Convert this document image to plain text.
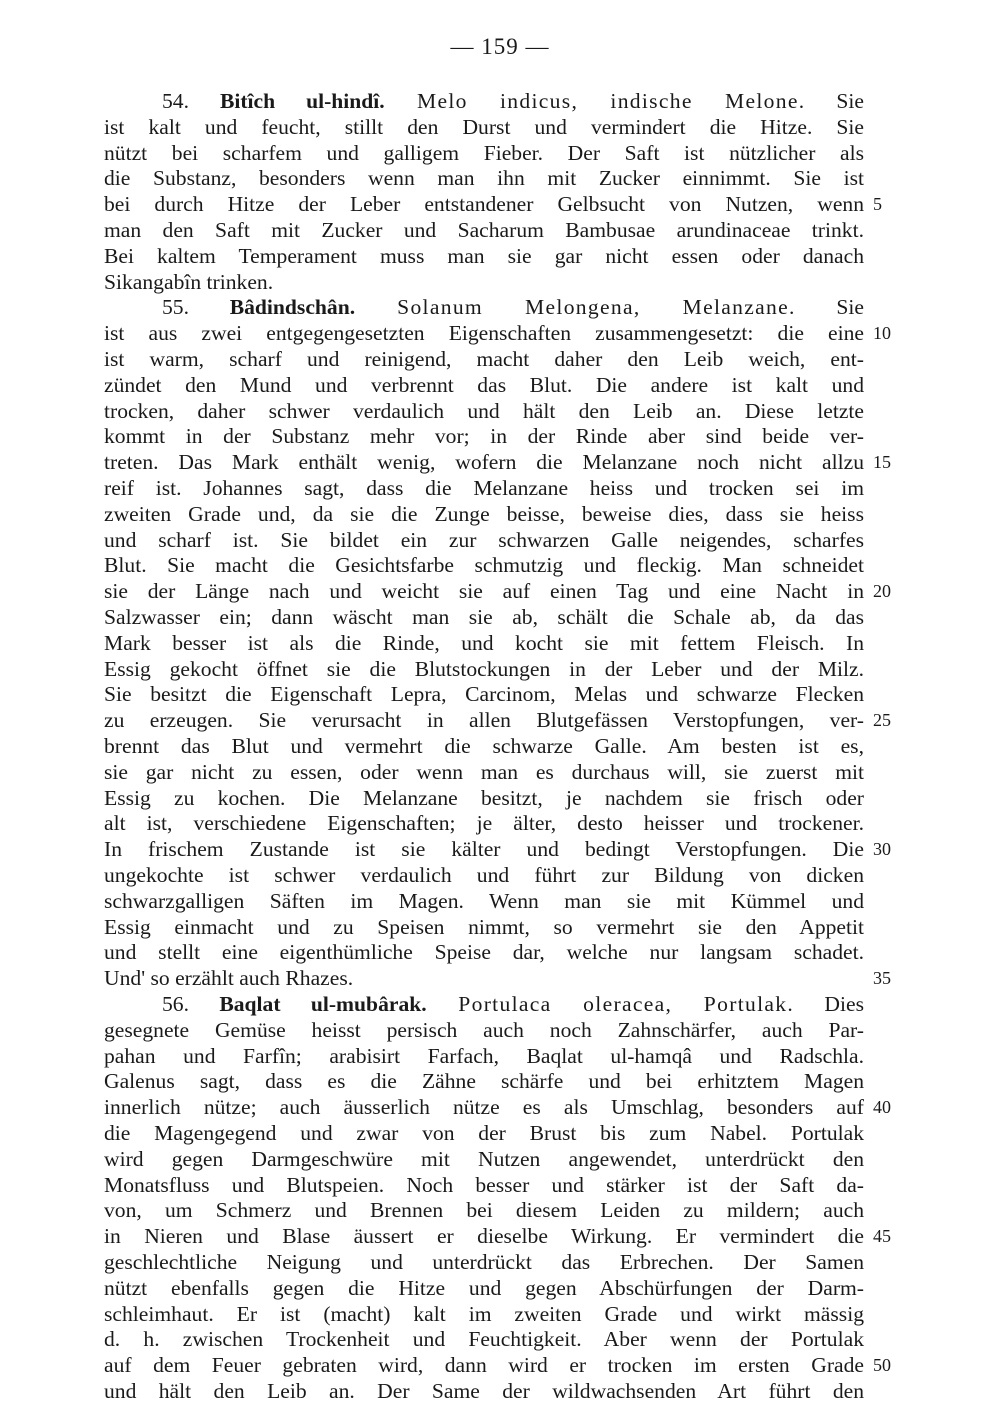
— 159 —
54. Bitîch ul-hindî. Melo indicus, indische Melone. Sie
ist kalt und feucht, stillt den Durst und vermindert die Hitze. Sie
nützt bei scharfem und galligem Fieber. Der Saft ist nützlicher als
die Substanz, besonders wenn man ihn mit Zucker einnimmt. Sie ist
bei durch Hitze der Leber entstandener Gelbsucht von Nutzen, wenn 5
man den Saft mit Zucker und Sacharum Bambusae arundinaceae trinkt.
Bei kaltem Temperament muss man sie gar nicht essen oder danach
Sikangabîn trinken.
55. Bâdindschân. Solanum Melongena, Melanzane. Sie
ist aus zwei entgegengesetzten Eigenschaften zusammengesetzt: die eine 10
ist warm, scharf und reinigend, macht daher den Leib weich, ent-
zündet den Mund und verbrennt das Blut. Die andere ist kalt und
trocken, daher schwer verdaulich und hält den Leib an. Diese letzte
kommt in der Substanz mehr vor; in der Rinde aber sind beide ver-
treten. Das Mark enthält wenig, wofern die Melanzane noch nicht allzu 15
reif ist. Johannes sagt, dass die Melanzane heiss und trocken sei im
zweiten Grade und, da sie die Zunge beisse, beweise dies, dass sie heiss
und scharf ist. Sie bildet ein zur schwarzen Galle neigendes, scharfes
Blut. Sie macht die Gesichtsfarbe schmutzig und fleckig. Man schneidet
sie der Länge nach und weicht sie auf einen Tag und eine Nacht in 20
Salzwasser ein; dann wäscht man sie ab, schält die Schale ab, da das
Mark besser ist als die Rinde, und kocht sie mit fettem Fleisch. In
Essig gekocht öffnet sie die Blutstockungen in der Leber und der Milz.
Sie besitzt die Eigenschaft Lepra, Carcinom, Melas und schwarze Flecken
zu erzeugen. Sie verursacht in allen Blutgefässen Verstopfungen, ver- 25
brennt das Blut und vermehrt die schwarze Galle. Am besten ist es,
sie gar nicht zu essen, oder wenn man es durchaus will, sie zuerst mit
Essig zu kochen. Die Melanzane besitzt, je nachdem sie frisch oder
alt ist, verschiedene Eigenschaften; je älter, desto heisser und trockener.
In frischem Zustande ist sie kälter und bedingt Verstopfungen. Die 30
ungekochte ist schwer verdaulich und führt zur Bildung von dicken
schwarzgalligen Säften im Magen. Wenn man sie mit Kümmel und
Essig einmacht und zu Speisen nimmt, so vermehrt sie den Appetit
und stellt eine eigenthümliche Speise dar, welche nur langsam schadet.
Und' so erzählt auch Rhazes.	35
56. Baqlat ul-mubârak. Portulaca oleracea, Portulak. Dies
gesegnete Gemüse heisst persisch auch noch Zahnschärfer, auch Par-
pahan und Farfîn; arabisirt Farfach, Baqlat ul-hamqâ und Radschla.
Galenus sagt, dass es die Zähne schärfe und bei erhitztem Magen
innerlich nütze; auch äusserlich nütze es als Umschlag, besonders auf 40
die Magengegend und zwar von der Brust bis zum Nabel. Portulak
wird gegen Darmgeschwüre mit Nutzen angewendet, unterdrückt den
Monatsfluss und Blutspeien. Noch besser und stärker ist der Saft da-
von, um Schmerz und Brennen bei diesem Leiden zu mildern; auch
in Nieren und Blase äussert er dieselbe Wirkung. Er vermindert die 45
geschlechtliche Neigung und unterdrückt das Erbrechen. Der Samen
nützt ebenfalls gegen die Hitze und gegen Abschürfungen der Darm-
schleimhaut. Er ist (macht) kalt im zweiten Grade und wirkt mässig
d. h. zwischen Trockenheit und Feuchtigkeit. Aber wenn der Portulak
auf dem Feuer gebraten wird, dann wird er trocken im ersten Grade 50
und hält den Leib an. Der Same der wildwachsenden Art führt den
